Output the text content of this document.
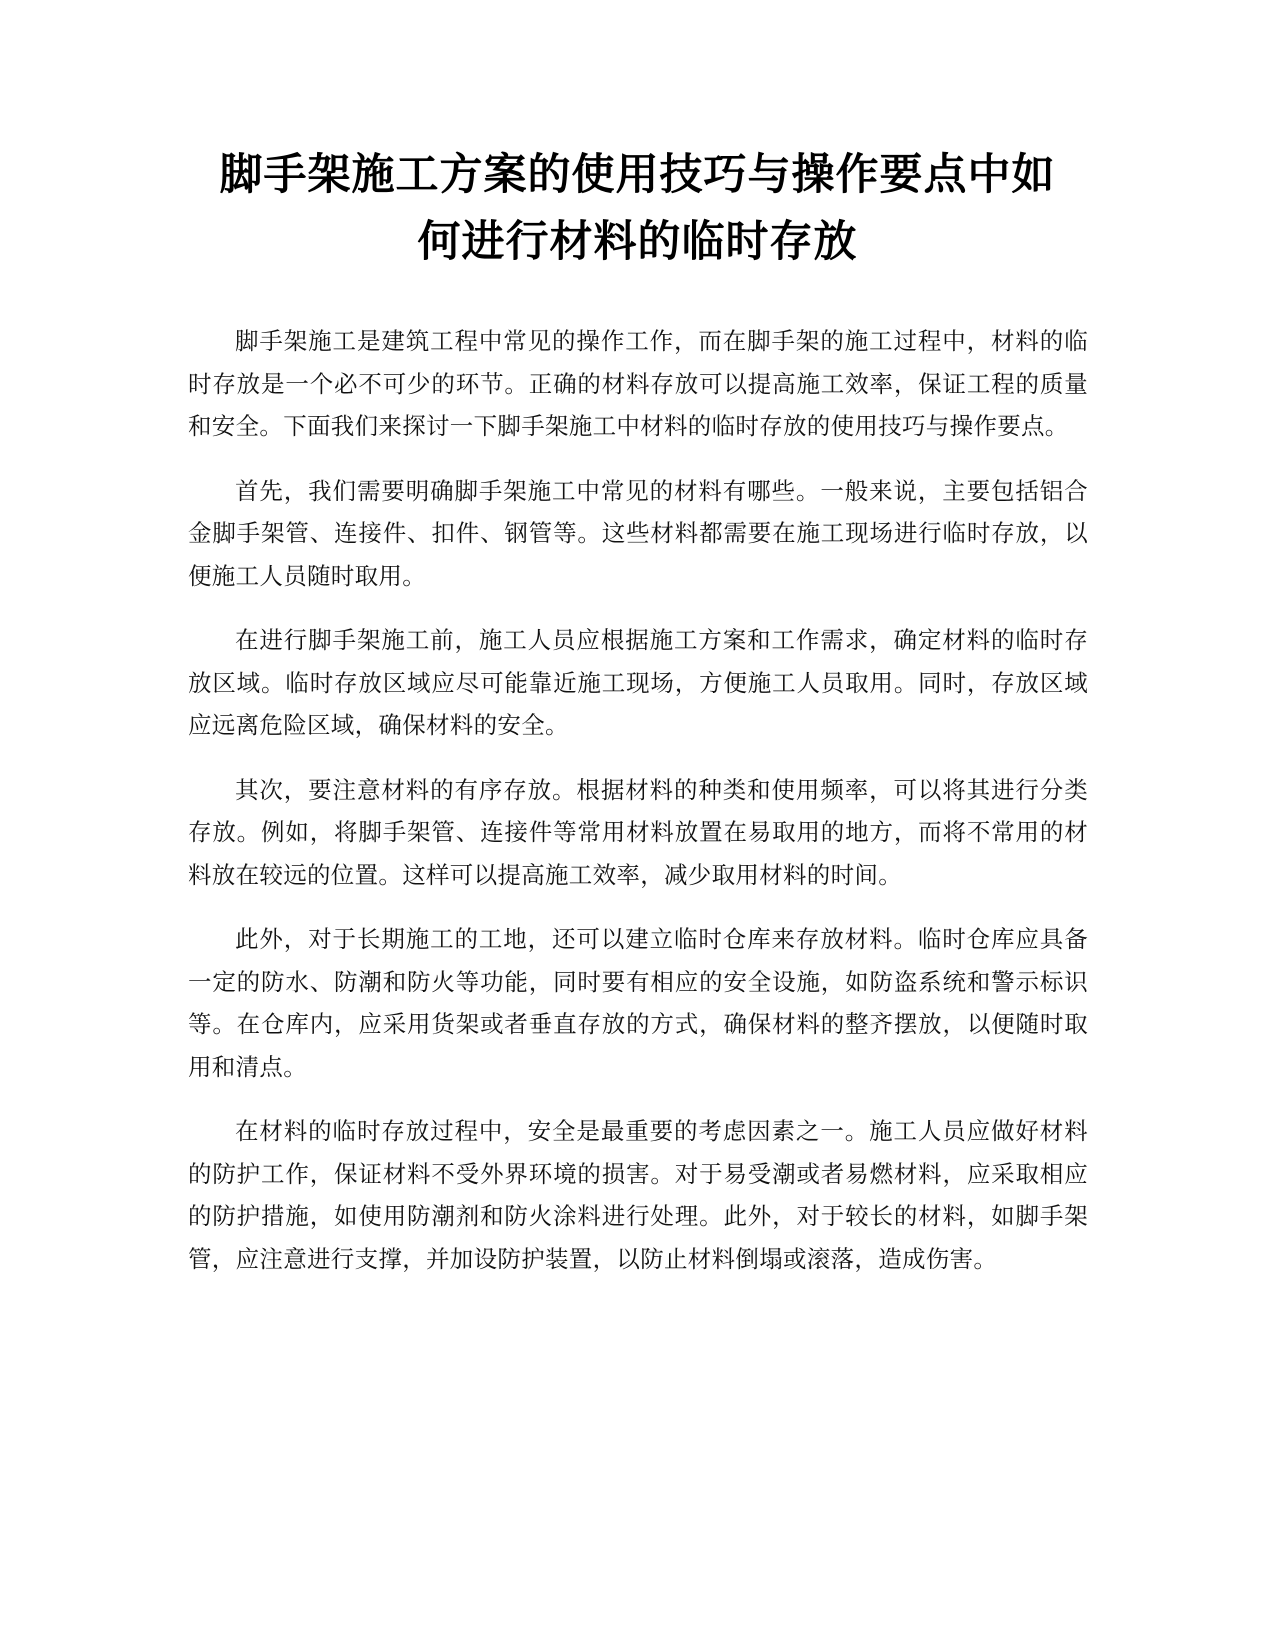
脚手架施工方案的使用技巧与操作要点中如
何进行材料的临时存放

脚手架施工是建筑工程中常见的操作工作，而在脚手架的施工过程中，材料的临时存放是一个必不可少的环节。正确的材料存放可以提高施工效率，保证工程的质量和安全。下面我们来探讨一下脚手架施工中材料的临时存放的使用技巧与操作要点。

首先，我们需要明确脚手架施工中常见的材料有哪些。一般来说，主要包括铝合金脚手架管、连接件、扣件、钢管等。这些材料都需要在施工现场进行临时存放，以便施工人员随时取用。

在进行脚手架施工前，施工人员应根据施工方案和工作需求，确定材料的临时存放区域。临时存放区域应尽可能靠近施工现场，方便施工人员取用。同时，存放区域应远离危险区域，确保材料的安全。

其次，要注意材料的有序存放。根据材料的种类和使用频率，可以将其进行分类存放。例如，将脚手架管、连接件等常用材料放置在易取用的地方，而将不常用的材料放在较远的位置。这样可以提高施工效率，减少取用材料的时间。

此外，对于长期施工的工地，还可以建立临时仓库来存放材料。临时仓库应具备一定的防水、防潮和防火等功能，同时要有相应的安全设施，如防盗系统和警示标识等。在仓库内，应采用货架或者垂直存放的方式，确保材料的整齐摆放，以便随时取用和清点。

在材料的临时存放过程中，安全是最重要的考虑因素之一。施工人员应做好材料的防护工作，保证材料不受外界环境的损害。对于易受潮或者易燃材料，应采取相应的防护措施，如使用防潮剂和防火涂料进行处理。此外，对于较长的材料，如脚手架管，应注意进行支撑，并加设防护装置，以防止材料倒塌或滚落，造成伤害。
